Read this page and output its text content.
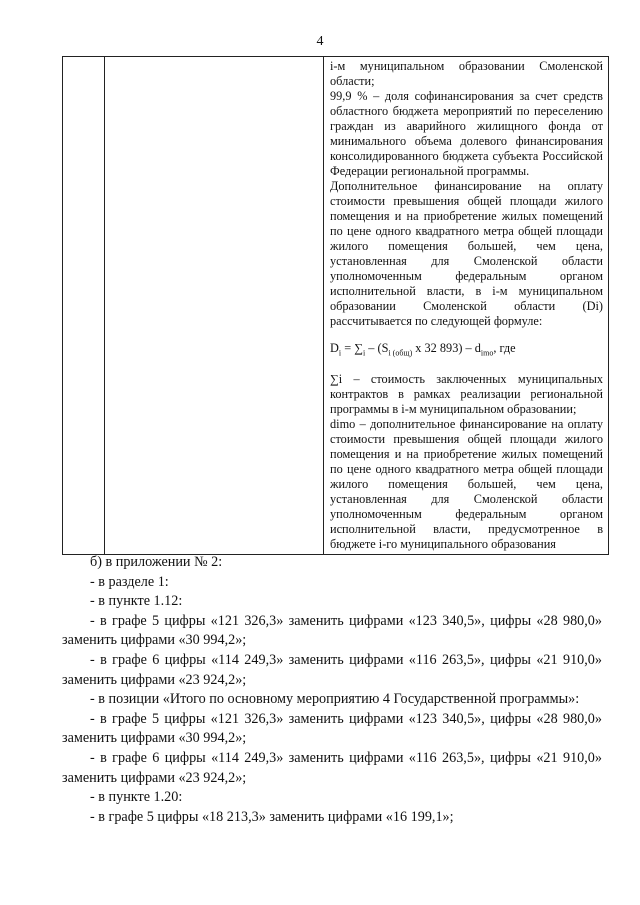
4

i-м муниципальном образовании Смоленской области;

99,9 % – доля софинансирования за счет средств областного бюджета мероприятий по переселению граждан из аварийного жилищного фонда от минимального объема долевого финансирования консолидированного бюджета субъекта Российской Федерации региональной программы.

Дополнительное финансирование на оплату стоимости превышения общей площади жилого помещения и на приобретение жилых помещений по цене одного квадратного метра общей площади жилого помещения большей, чем цена, установленная для Смоленской области уполномоченным федеральным органом исполнительной власти, в i-м муниципальном образовании Смоленской области (Di) рассчитывается по следующей формуле:

$D_i = \sum_i - (S_{i (общ)}$ x 32 $893) - d_{imo}$, где

∑i – стоимость заключенных муниципальных контрактов в рамках реализации региональной программы в i-м муниципальном образовании;

dimo – дополнительное финансирование на оплату стоимости превышения общей площади жилого помещения и на приобретение жилых помещений по цене одного квадратного метра общей площади жилого помещения большей, чем цена, установленная для Смоленской области уполномоченным федеральным органом исполнительной власти, предусмотренное в бюджете i-го муниципального образования

б) в приложении № 2:

- в разделе 1:

- в пункте 1.12:

- в графе 5 цифры «121 326,3» заменить цифрами «123 340,5», цифры «28 980,0» заменить цифрами «30 994,2»;

- в графе 6 цифры «114 249,3» заменить цифрами «116 263,5», цифры «21 910,0» заменить цифрами «23 924,2»;

- в позиции «Итого по основному мероприятию 4 Государственной программы»:

- в графе 5 цифры «121 326,3» заменить цифрами «123 340,5», цифры «28 980,0» заменить цифрами «30 994,2»;

- в графе 6 цифры «114 249,3» заменить цифрами «116 263,5», цифры «21 910,0» заменить цифрами «23 924,2»;

- в пункте 1.20:

- в графе 5 цифры «18 213,3» заменить цифрами «16 199,1»;
